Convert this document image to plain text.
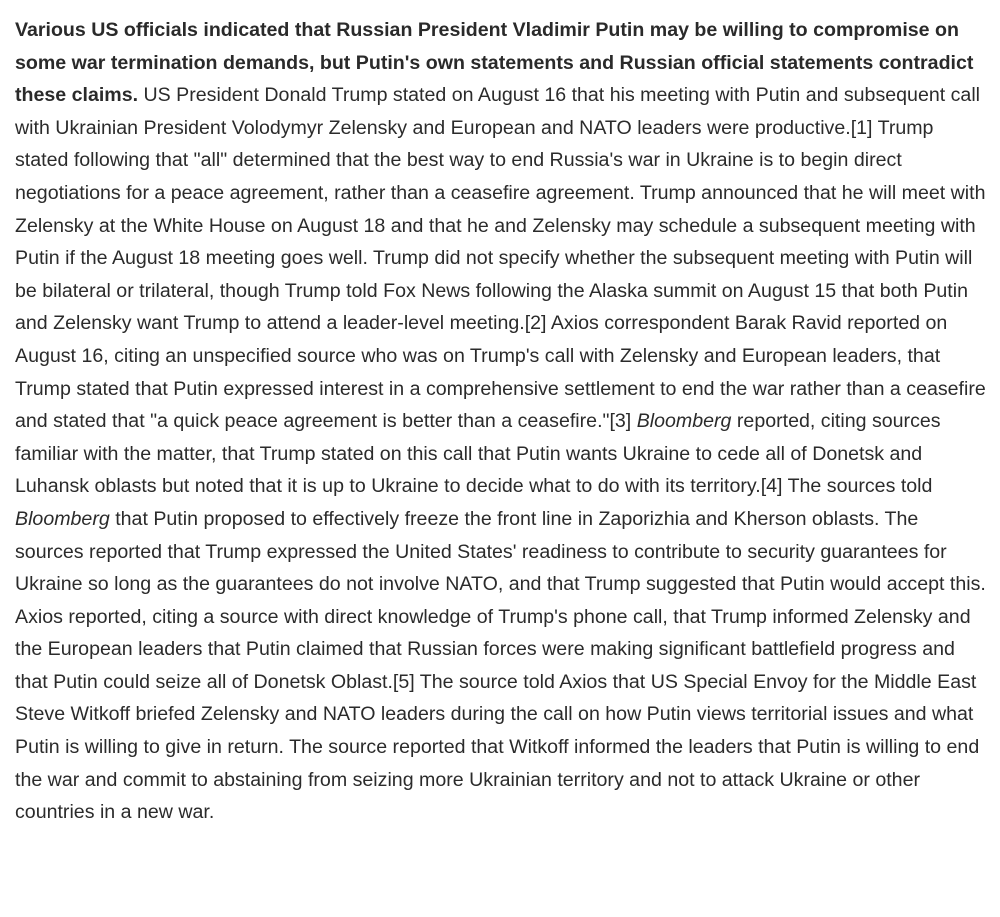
Various US officials indicated that Russian President Vladimir Putin may be willing to compromise on some war termination demands, but Putin's own statements and Russian official statements contradict these claims. US President Donald Trump stated on August 16 that his meeting with Putin and subsequent call with Ukrainian President Volodymyr Zelensky and European and NATO leaders were productive.[1] Trump stated following that "all" determined that the best way to end Russia's war in Ukraine is to begin direct negotiations for a peace agreement, rather than a ceasefire agreement. Trump announced that he will meet with Zelensky at the White House on August 18 and that he and Zelensky may schedule a subsequent meeting with Putin if the August 18 meeting goes well. Trump did not specify whether the subsequent meeting with Putin will be bilateral or trilateral, though Trump told Fox News following the Alaska summit on August 15 that both Putin and Zelensky want Trump to attend a leader-level meeting.[2] Axios correspondent Barak Ravid reported on August 16, citing an unspecified source who was on Trump's call with Zelensky and European leaders, that Trump stated that Putin expressed interest in a comprehensive settlement to end the war rather than a ceasefire and stated that "a quick peace agreement is better than a ceasefire."[3] Bloomberg reported, citing sources familiar with the matter, that Trump stated on this call that Putin wants Ukraine to cede all of Donetsk and Luhansk oblasts but noted that it is up to Ukraine to decide what to do with its territory.[4] The sources told Bloomberg that Putin proposed to effectively freeze the front line in Zaporizhia and Kherson oblasts. The sources reported that Trump expressed the United States' readiness to contribute to security guarantees for Ukraine so long as the guarantees do not involve NATO, and that Trump suggested that Putin would accept this. Axios reported, citing a source with direct knowledge of Trump's phone call, that Trump informed Zelensky and the European leaders that Putin claimed that Russian forces were making significant battlefield progress and that Putin could seize all of Donetsk Oblast.[5] The source told Axios that US Special Envoy for the Middle East Steve Witkoff briefed Zelensky and NATO leaders during the call on how Putin views territorial issues and what Putin is willing to give in return. The source reported that Witkoff informed the leaders that Putin is willing to end the war and commit to abstaining from seizing more Ukrainian territory and not to attack Ukraine or other countries in a new war.
